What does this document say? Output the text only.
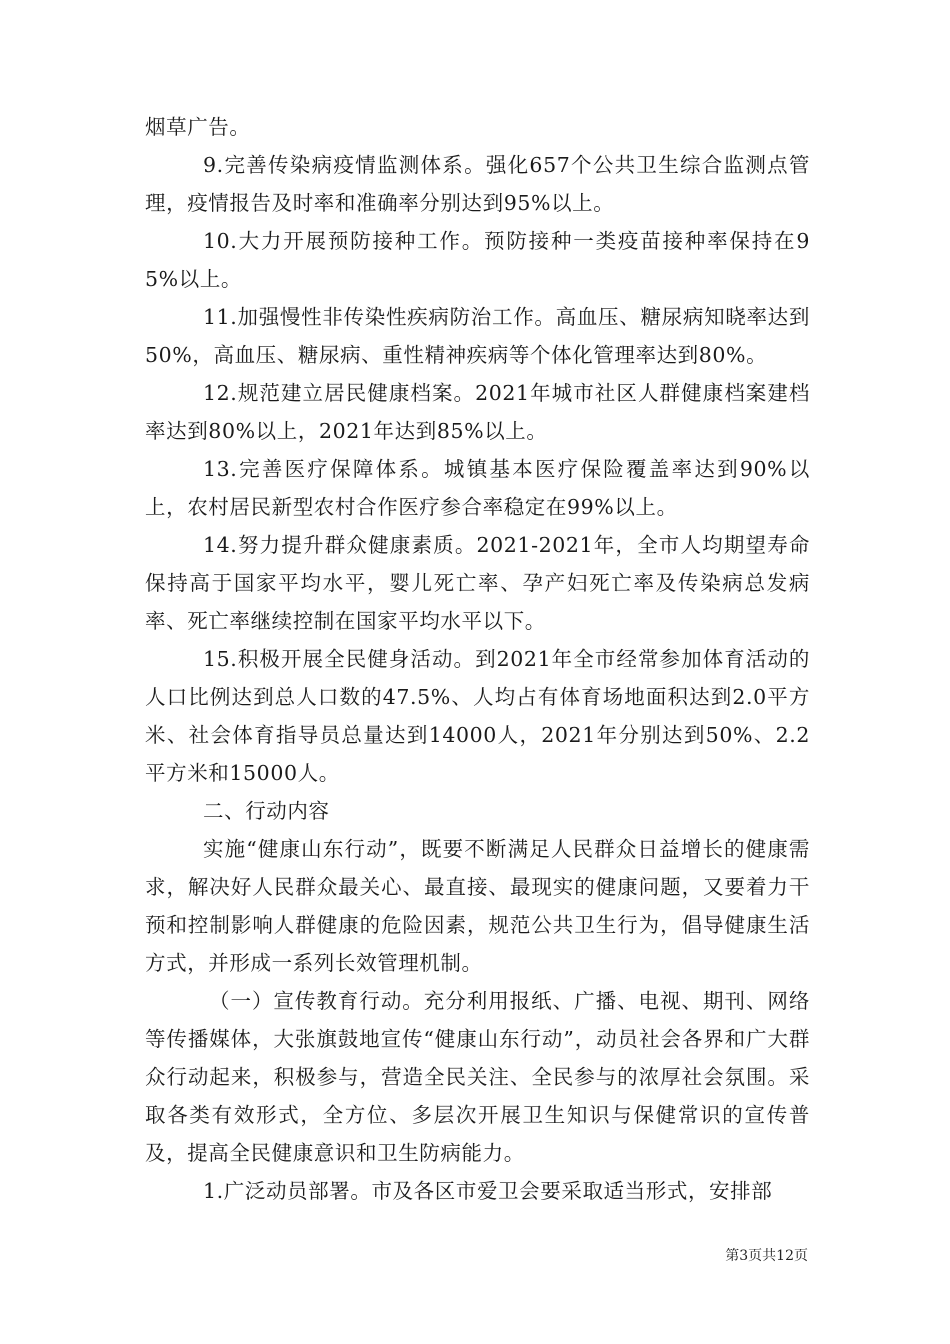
烟草广告。

9.完善传染病疫情监测体系。强化657个公共卫生综合监测点管理，疫情报告及时率和准确率分别达到95%以上。

10.大力开展预防接种工作。预防接种一类疫苗接种率保持在95%以上。

11.加强慢性非传染性疾病防治工作。高血压、糖尿病知晓率达到50%，高血压、糖尿病、重性精神疾病等个体化管理率达到80%。

12.规范建立居民健康档案。2021年城市社区人群健康档案建档率达到80%以上，2021年达到85%以上。

13.完善医疗保障体系。城镇基本医疗保险覆盖率达到90%以上，农村居民新型农村合作医疗参合率稳定在99%以上。

14.努力提升群众健康素质。2021-2021年，全市人均期望寿命保持高于国家平均水平，婴儿死亡率、孕产妇死亡率及传染病总发病率、死亡率继续控制在国家平均水平以下。

15.积极开展全民健身活动。到2021年全市经常参加体育活动的人口比例达到总人口数的47.5%、人均占有体育场地面积达到2.0平方米、社会体育指导员总量达到14000人，2021年分别达到50%、2.2平方米和15000人。

二、行动内容

实施“健康山东行动”，既要不断满足人民群众日益增长的健康需求，解决好人民群众最关心、最直接、最现实的健康问题，又要着力干预和控制影响人群健康的危险因素，规范公共卫生行为，倡导健康生活方式，并形成一系列长效管理机制。

（一）宣传教育行动。充分利用报纸、广播、电视、期刊、网络等传播媒体，大张旗鼓地宣传“健康山东行动”，动员社会各界和广大群众行动起来，积极参与，营造全民关注、全民参与的浓厚社会氛围。采取各类有效形式，全方位、多层次开展卫生知识与保健常识的宣传普及，提高全民健康意识和卫生防病能力。

1.广泛动员部署。市及各区市爱卫会要采取适当形式，安排部

第3页共12页
